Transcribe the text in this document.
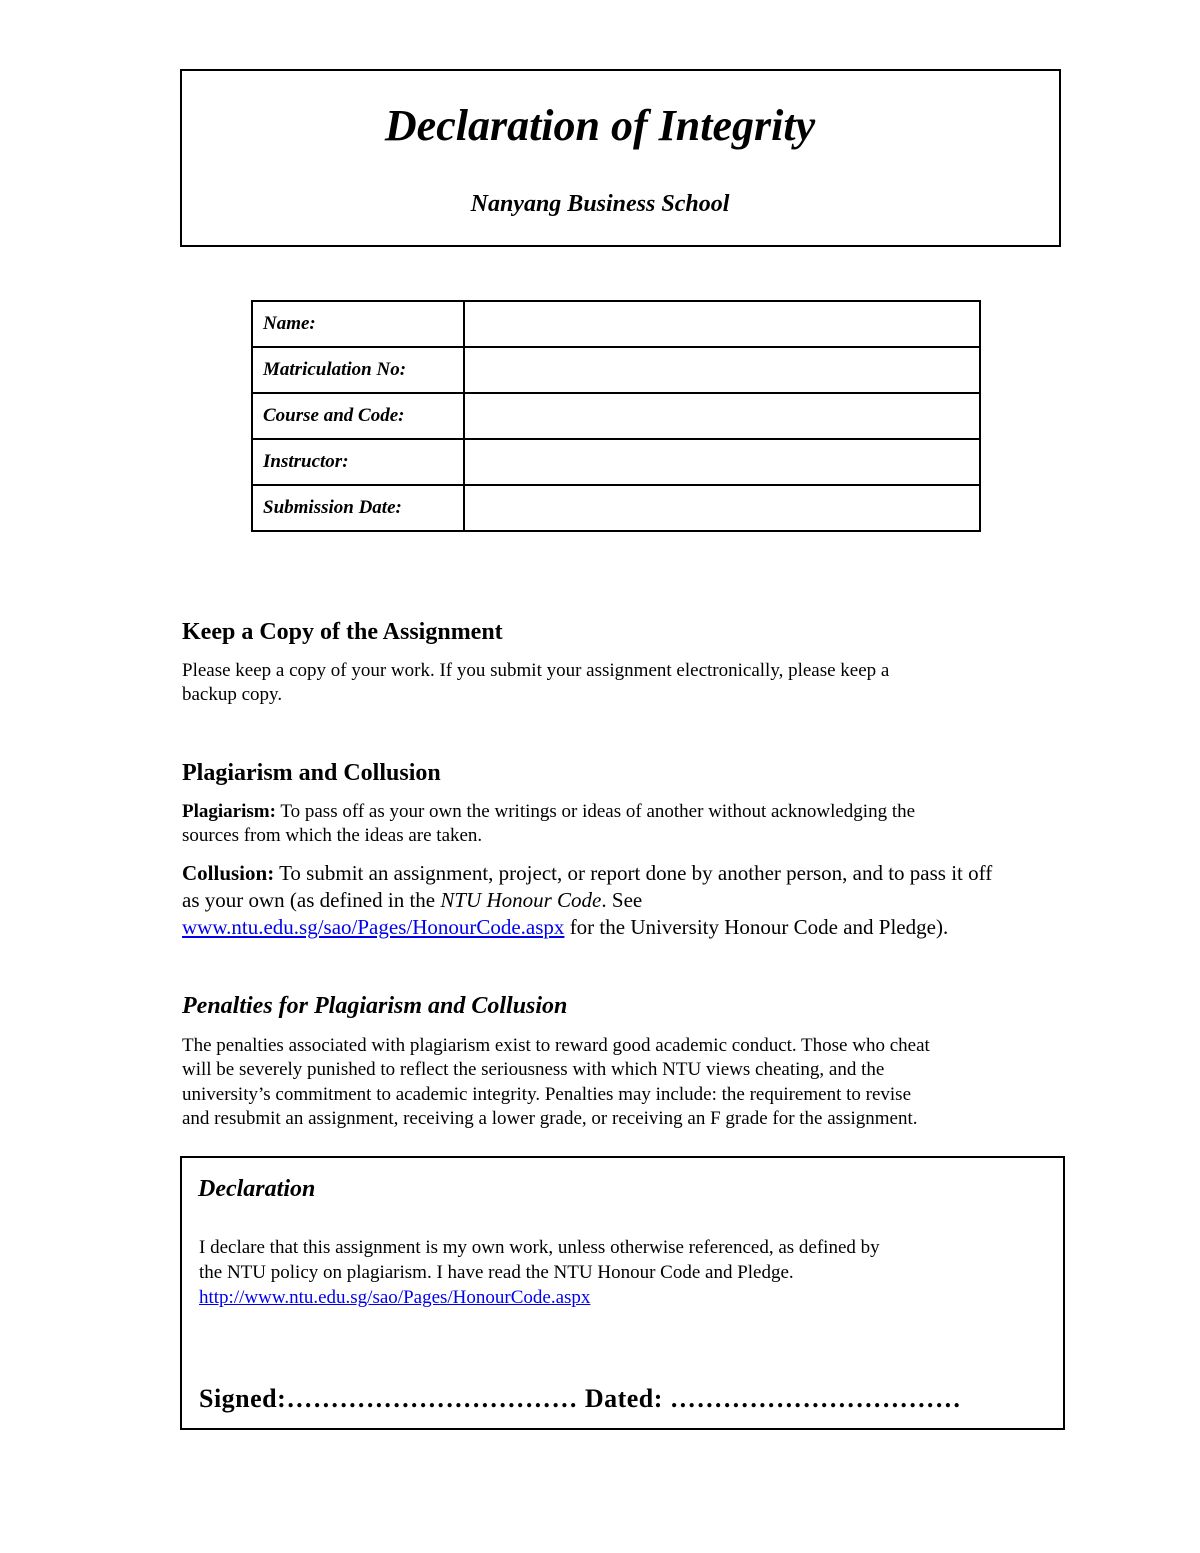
Declaration of Integrity

Nanyang Business School

Name:	
Matriculation No:	
Course and Code:	
Instructor:	
Submission Date:	
Keep a Copy of the Assignment

Please keep a copy of your work. If you submit your assignment electronically, please keep a

backup copy.

Plagiarism and Collusion

Plagiarism: To pass off as your own the writings or ideas of another without acknowledging the

sources from which the ideas are taken.

Collusion: To submit an assignment, project, or report done by another person, and to pass it off

as your own (as defined in the NTU Honour Code. See

www.ntu.edu.sg/sao/Pages/HonourCode.aspx for the University Honour Code and Pledge).

Penalties for Plagiarism and Collusion

The penalties associated with plagiarism exist to reward good academic conduct. Those who cheat

will be severely punished to reflect the seriousness with which NTU views cheating, and the

university’s commitment to academic integrity. Penalties may include: the requirement to revise

and resubmit an assignment, receiving a lower grade, or receiving an F grade for the assignment.

Declaration

I declare that this assignment is my own work, unless otherwise referenced, as defined by
the NTU policy on plagiarism. I have read the NTU Honour Code and Pledge.
http://www.ntu.edu.sg/sao/Pages/HonourCode.aspx

Signed:…………………………… Dated: ……………………………
